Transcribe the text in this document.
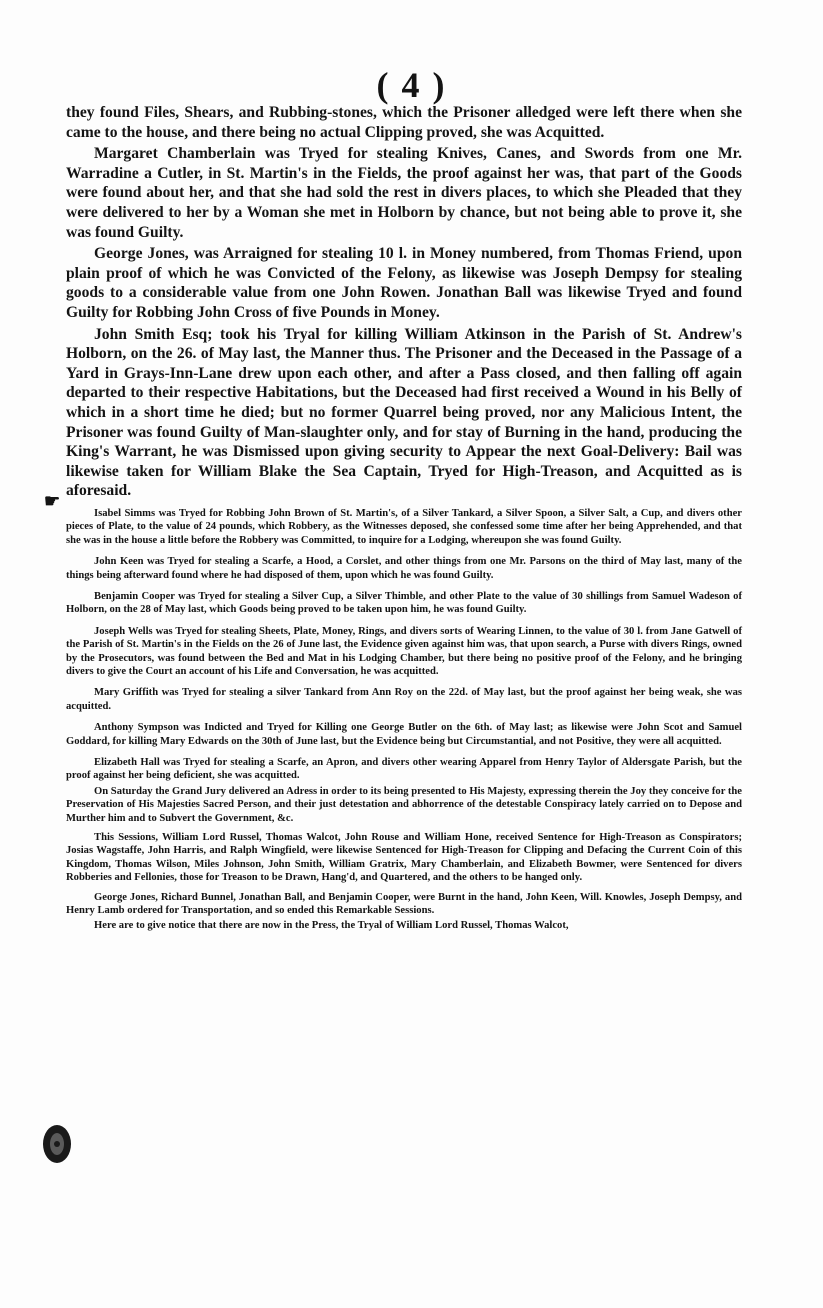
( 4 )
☛

they found Files, Shears, and Rubbing-stones, which the Prisoner alledged were left there when she came to the house, and there being no actual Clipping proved, she was Acquitted.

Margaret Chamberlain was Tryed for stealing Knives, Canes, and Swords from one Mr. Warradine a Cutler, in St. Martin's in the Fields, the proof against her was, that part of the Goods were found about her, and that she had sold the rest in divers places, to which she Pleaded that they were delivered to her by a Woman she met in Holborn by chance, but not being able to prove it, she was found Guilty.

George Jones, was Arraigned for stealing 10 l. in Money numbered, from Thomas Friend, upon plain proof of which he was Convicted of the Felony, as likewise was Joseph Dempsy for stealing goods to a considerable value from one John Rowen. Jonathan Ball was likewise Tryed and found Guilty for Robbing John Cross of five Pounds in Money.

John Smith Esq; took his Tryal for killing William Atkinson in the Parish of St. Andrew's Holborn, on the 26. of May last, the Manner thus. The Prisoner and the Deceased in the Passage of a Yard in Grays-Inn-Lane drew upon each other, and after a Pass closed, and then falling off again departed to their respective Habitations, but the Deceased had first received a Wound in his Belly of which in a short time he died; but no former Quarrel being proved, nor any Malicious Intent, the Prisoner was found Guilty of Man-slaughter only, and for stay of Burning in the hand, producing the King's Warrant, he was Dismissed upon giving security to Appear the next Goal-Delivery: Bail was likewise taken for William Blake the Sea Captain, Tryed for High-Treason, and Acquitted as is aforesaid.

Isabel Simms was Tryed for Robbing John Brown of St. Martin's, of a Silver Tankard, a Silver Spoon, a Silver Salt, a Cup, and divers other pieces of Plate, to the value of 24 pounds, which Robbery, as the Witnesses deposed, she confessed some time after her being Apprehended, and that she was in the house a little before the Robbery was Committed, to inquire for a Lodging, whereupon she was found Guilty.

John Keen was Tryed for stealing a Scarfe, a Hood, a Corslet, and other things from one Mr. Parsons on the third of May last, many of the things being afterward found where he had disposed of them, upon which he was found Guilty.

Benjamin Cooper was Tryed for stealing a Silver Cup, a Silver Thimble, and other Plate to the value of 30 shillings from Samuel Wadeson of Holborn, on the 28 of May last, which Goods being proved to be taken upon him, he was found Guilty.

Joseph Wells was Tryed for stealing Sheets, Plate, Money, Rings, and divers sorts of Wearing Linnen, to the value of 30 l. from Jane Gatwell of the Parish of St. Martin's in the Fields on the 26 of June last, the Evidence given against him was, that upon search, a Purse with divers Rings, owned by the Prosecutors, was found between the Bed and Mat in his Lodging Chamber, but there being no positive proof of the Felony, and he bringing divers to give the Court an account of his Life and Conversation, he was acquitted.

Mary Griffith was Tryed for stealing a silver Tankard from Ann Roy on the 22d. of May last, but the proof against her being weak, she was acquitted.

Anthony Sympson was Indicted and Tryed for Killing one George Butler on the 6th. of May last; as likewise were John Scot and Samuel Goddard, for killing Mary Edwards on the 30th of June last, but the Evidence being but Circumstantial, and not Positive, they were all acquitted.

Elizabeth Hall was Tryed for stealing a Scarfe, an Apron, and divers other wearing Apparel from Henry Taylor of Aldersgate Parish, but the proof against her being deficient, she was acquitted.

On Saturday the Grand Jury delivered an Adress in order to its being presented to His Majesty, expressing therein the Joy they conceive for the Preservation of His Majesties Sacred Person, and their just detestation and abhorrence of the detestable Conspiracy lately carried on to Depose and Murther him and to Subvert the Government, &c.

This Sessions, William Lord Russel, Thomas Walcot, John Rouse and William Hone, received Sentence for High-Treason as Conspirators; Josias Wagstaffe, John Harris, and Ralph Wingfield, were likewise Sentenced for High-Treason for Clipping and Defacing the Current Coin of this Kingdom, Thomas Wilson, Miles Johnson, John Smith, William Gratrix, Mary Chamberlain, and Elizabeth Bowmer, were Sentenced for divers Robberies and Fellonies, those for Treason to be Drawn, Hang'd, and Quartered, and the others to be hanged only.

George Jones, Richard Bunnel, Jonathan Ball, and Benjamin Cooper, were Burnt in the hand, John Keen, Will. Knowles, Joseph Dempsy, and Henry Lamb ordered for Transportation, and so ended this Remarkable Sessions.

Here are to give notice that there are now in the Press, the Tryal of William Lord Russel, Thomas Walcot,
